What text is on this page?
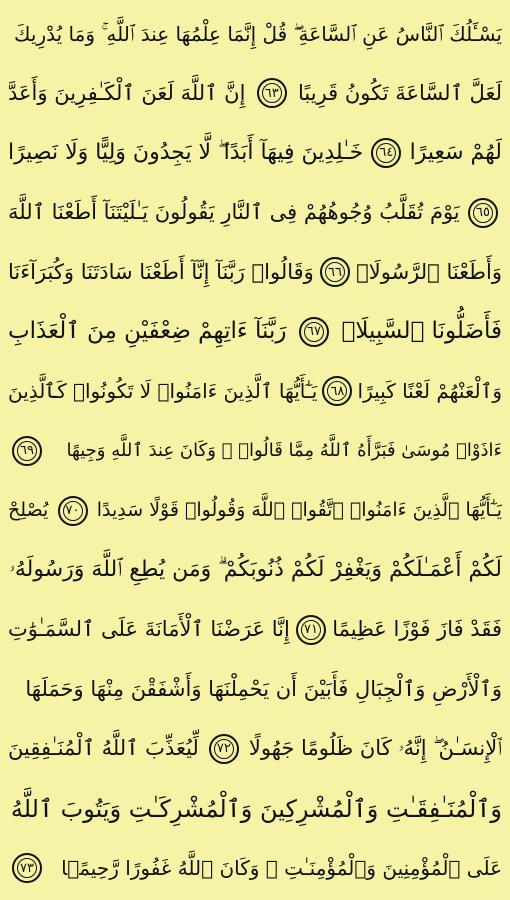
يَسْـَٔلُكَ ٱلنَّاسُ عَنِ ٱلسَّاعَةِ ۖ قُلْ إِنَّمَا عِلْمُهَا عِندَ ٱللَّهِ ۚ وَمَا يُدْرِيكَ
لَعَلَّ ٱلسَّاعَةَ تَكُونُ قَرِيبًا
٦٣
إِنَّ ٱللَّهَ لَعَنَ ٱلْكَـٰفِرِينَ وَأَعَدَّ
لَهُمْ سَعِيرًا
٦٤
خَـٰلِدِينَ فِيهَآ أَبَدًا ۖ لَّا يَجِدُونَ وَلِيًّا وَلَا نَصِيرًا
٦٥
يَوْمَ تُقَلَّبُ وُجُوهُهُمْ فِى ٱلنَّارِ يَقُولُونَ يَـٰلَيْتَنَآ أَطَعْنَا ٱللَّهَ
وَأَطَعْنَا ٱلرَّسُولَا۠
٦٦
وَقَالُوا۟ رَبَّنَآ إِنَّآ أَطَعْنَا سَادَتَنَا وَكُبَرَآءَنَا
فَأَضَلُّونَا ٱلسَّبِيلَا۠
٦٧
رَبَّنَآ ءَاتِهِمْ ضِعْفَيْنِ مِنَ ٱلْعَذَابِ
وَٱلْعَنْهُمْ لَعْنًا كَبِيرًا
٦٨
يَـٰٓأَيُّهَا ٱلَّذِينَ ءَامَنُوا۟ لَا تَكُونُوا۟ كَٱلَّذِينَ
ءَاذَوْا۟ مُوسَىٰ فَبَرَّأَهُ ٱللَّهُ مِمَّا قَالُوا۟ ۚ وَكَانَ عِندَ ٱللَّهِ وَجِيهًا
٦٩
يَـٰٓأَيُّهَا ٱلَّذِينَ ءَامَنُوا۟ ٱتَّقُوا۟ ٱللَّهَ وَقُولُوا۟ قَوْلًا سَدِيدًا
٧٠
يُصْلِحْ
لَكُمْ أَعْمَـٰلَكُمْ وَيَغْفِرْ لَكُمْ ذُنُوبَكُمْ ۗ وَمَن يُطِعِ ٱللَّهَ وَرَسُولَهُۥ
فَقَدْ فَازَ فَوْزًا عَظِيمًا
٧١
إِنَّا عَرَضْنَا ٱلْأَمَانَةَ عَلَى ٱلسَّمَـٰوَٰتِ
وَٱلْأَرْضِ وَٱلْجِبَالِ فَأَبَيْنَ أَن يَحْمِلْنَهَا وَأَشْفَقْنَ مِنْهَا وَحَمَلَهَا
ٱلْإِنسَـٰنُ ۖ إِنَّهُۥ كَانَ ظَلُومًا جَهُولًا
٧٢
لِّيُعَذِّبَ ٱللَّهُ ٱلْمُنَـٰفِقِينَ
وَٱلْمُنَـٰفِقَـٰتِ وَٱلْمُشْرِكِينَ وَٱلْمُشْرِكَـٰتِ وَيَتُوبَ ٱللَّهُ
عَلَى ٱلْمُؤْمِنِينَ وَٱلْمُؤْمِنَـٰتِ ۗ وَكَانَ ٱللَّهُ غَفُورًا رَّحِيمًۢا
٧٣
